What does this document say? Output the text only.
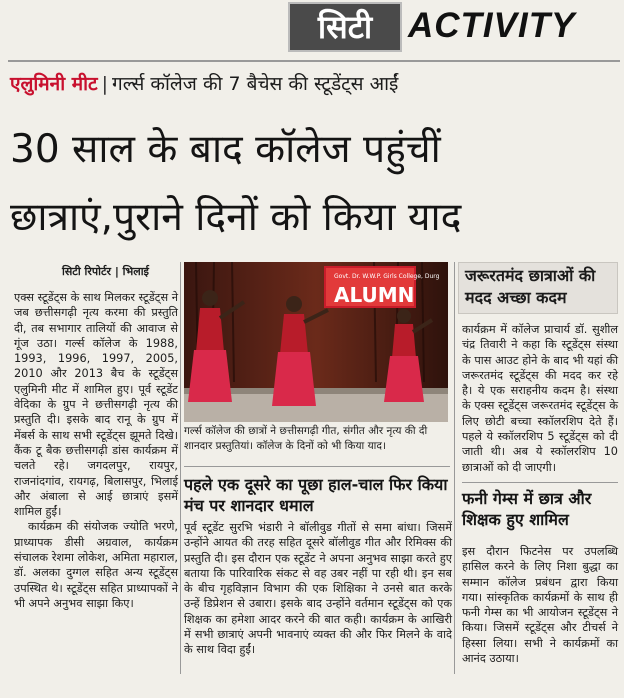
सिटी	ACTIVITY
एलुमिनी मीट | गर्ल्स कॉलेज की 7 बैचेस की स्टूडेंट्स आईं
30 साल के बाद कॉलेज पहुंचीं
छात्राएं,पुराने दिनों को किया याद
सिटी रिपोर्टर | भिलाई

एक्स स्टूडेंट्स के साथ मिलकर स्टूडेंट्स ने जब छत्तीसगढ़ी नृत्य करमा की प्रस्तुति दी, तब सभागार तालियों की आवाज से गूंज उठा। गर्ल्स कॉलेज के 1988, 1993, 1996, 1997, 2005, 2010 और 2013 बैच के स्टूडेंट्स एलुमिनी मीट में शामिल हुए। पूर्व स्टूडेंट वेदिका के ग्रुप ने छत्तीसगढ़ी नृत्य की प्रस्तुति दी। इसके बाद रानू के ग्रुप में मेंबर्स के साथ सभी स्टूडेंट्स झूमते दिखे। कैंक टू बैक छत्तीसगढ़ी डांस कार्यक्रम में चलते रहे। जगदलपुर, रायपुर, राजनांदगांव, रायगढ़, बिलासपुर, भिलाई और अंबाला से आई छात्राएं इसमें शामिल हुईं।

कार्यक्रम की संयोजक ज्योति भरणे, प्राध्यापक डीसी अग्रवाल, कार्यक्रम संचालक रेशमा लोकेश, अमिता महाराल, डॉ. अलका दुग्गल सहित अन्य स्टूडेंट्स उपस्थित थे। स्टूडेंट्स सहित प्राध्यापकों ने भी अपने अनुभव साझा किए।

Govt. Dr. W.W.P. Girls College, Durg
ALUMN
गर्ल्स कॉलेज की छात्रों ने छत्तीसगढ़ी गीत, संगीत और नृत्य की दी शानदार प्रस्तुतियां। कॉलेज के दिनों को भी किया याद।
पहले एक दूसरे का पूछा हाल-चाल फिर किया मंच पर शानदार धमाल
पूर्व स्टूडेंट सुरभि भंडारी ने बॉलीवुड गीतों से समा बांधा। जिसमें उन्होंने आयत की तरह सहित दूसरे बॉलीवुड गीत और रिमिक्स की प्रस्तुति दी। इस दौरान एक स्टूडेंट ने अपना अनुभव साझा करते हुए बताया कि पारिवारिक संकट से वह उबर नहीं पा रही थी। इन सब के बीच गृहविज्ञान विभाग की एक शिक्षिका ने उनसे बात करके उन्हें डिप्रेशन से उबारा। इसके बाद उन्होंने वर्तमान स्टूडेंट्स को एक शिक्षक का हमेशा आदर करने की बात कही। कार्यक्रम के आखिरी में सभी छात्राएं अपनी भावनाएं व्यक्त की और फिर मिलने के वादे के साथ विदा हुईं।
जरूरतमंद छात्राओं की मदद अच्छा कदम
कार्यक्रम में कॉलेज प्राचार्य डॉ. सुशील चंद्र तिवारी ने कहा कि स्टूडेंट्स संस्था के पास आउट होने के बाद भी यहां की जरूरतमंद स्टूडेंट्स की मदद कर रहे है। ये एक सराहनीय कदम है। संस्था के एक्स स्टूडेंट्स जरूरतमंद स्टूडेंट्स के लिए छोटी बच्चा स्कॉलरशिप देते हैं। पहले ये स्कॉलरशिप 5 स्टूडेंट्स को दी जाती थी। अब ये स्कॉलरशिप 10 छात्राओं को दी जाएगी।
फनी गेम्स में छात्र और शिक्षक हुए शामिल
इस दौरान फिटनेस पर उपलब्धि हासिल करने के लिए निशा बुद्धा का सम्मान कॉलेज प्रबंधन द्वारा किया गया। सांस्कृतिक कार्यक्रमों के साथ ही फनी गेम्स का भी आयोजन स्टूडेंट्स ने किया। जिसमें स्टूडेंट्स और टीचर्स ने हिस्सा लिया। सभी ने कार्यक्रमों का आनंद उठाया।
